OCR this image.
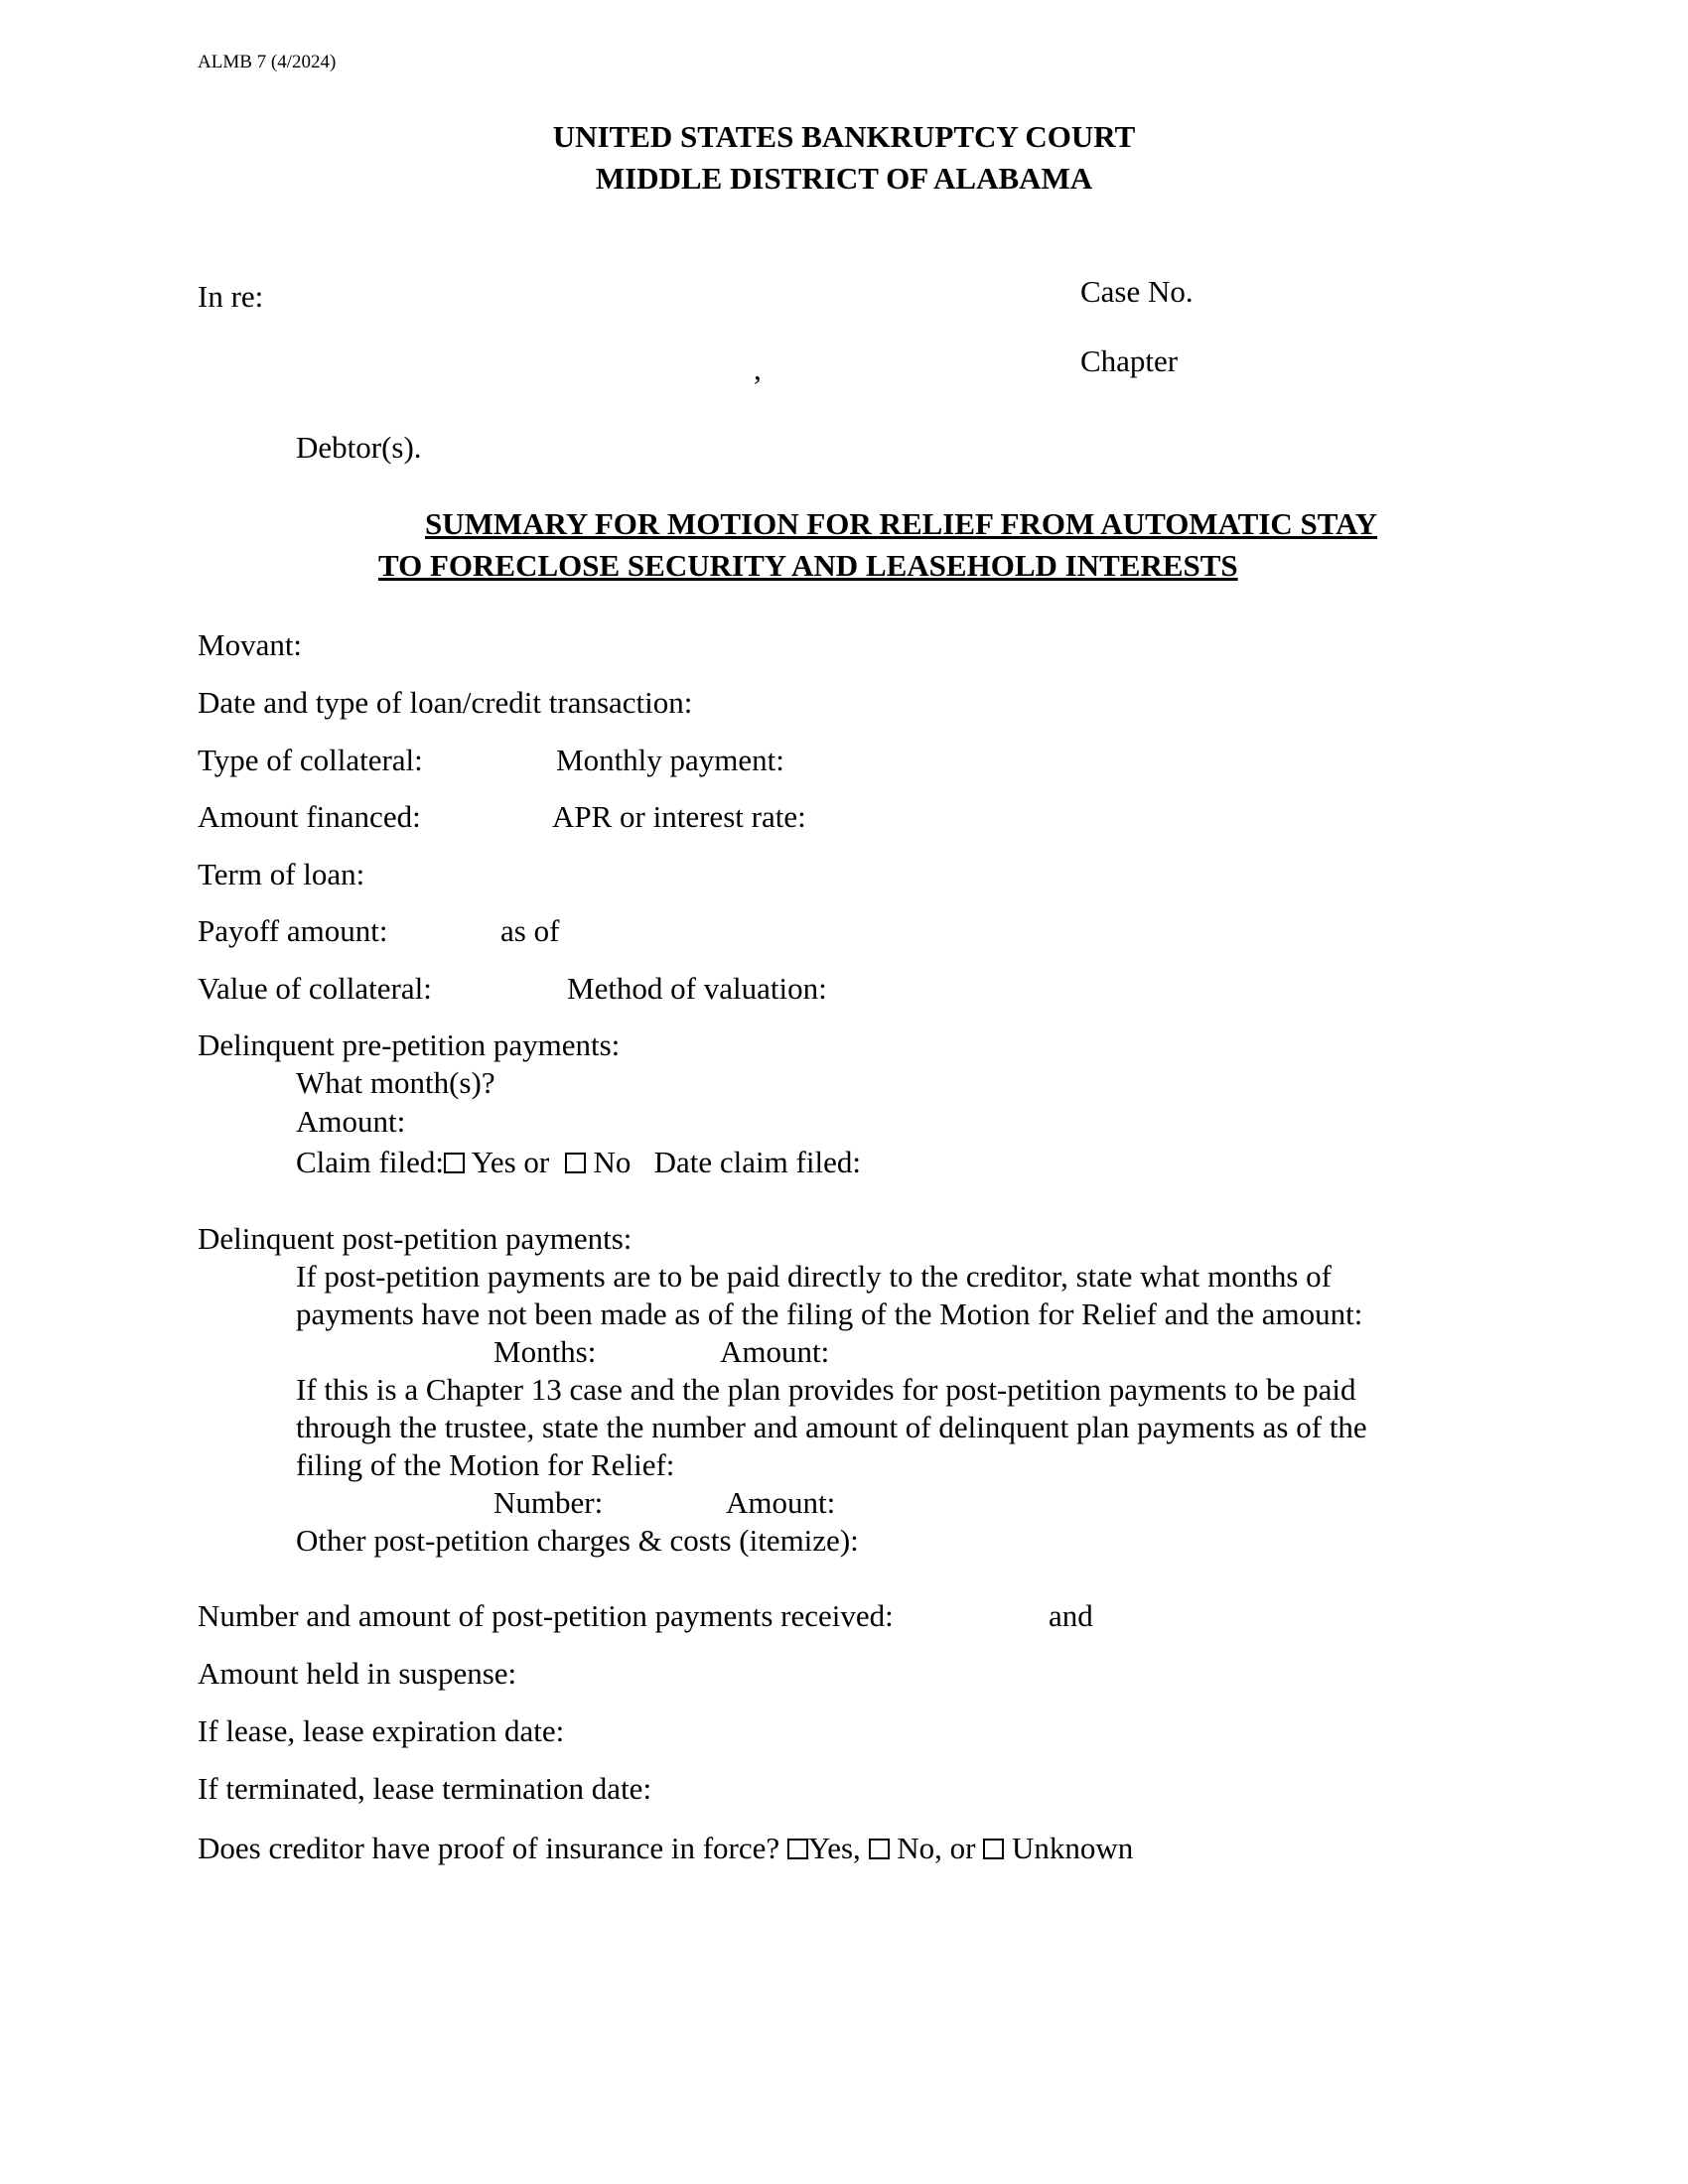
ALMB 7 (4/2024)
UNITED STATES BANKRUPTCY COURT
MIDDLE DISTRICT OF ALABAMA
In re:	Case No.
,	Chapter
Debtor(s).
SUMMARY FOR MOTION FOR RELIEF FROM AUTOMATIC STAY
TO FORECLOSE SECURITY AND LEASEHOLD INTERESTS
Movant:
Date and type of loan/credit transaction:
Type of collateral:	Monthly payment:
Amount financed:	APR or interest rate:
Term of loan:
Payoff amount:	as of
Value of collateral:	Method of valuation:
Delinquent pre-petition payments:
What month(s)?
Amount:
Claim filed: Yes or No Date claim filed:
Delinquent post-petition payments:
If post-petition payments are to be paid directly to the creditor, state what months of
payments have not been made as of the filing of the Motion for Relief and the amount:
Months:	Amount:
If this is a Chapter 13 case and the plan provides for post-petition payments to be paid
through the trustee, state the number and amount of delinquent plan payments as of the
filing of the Motion for Relief:
Number:	Amount:
Other post-petition charges & costs (itemize):
Number and amount of post-petition payments received:	and
Amount held in suspense:
If lease, lease expiration date:
If terminated, lease termination date:
Does creditor have proof of insurance in force? Yes, No, or Unknown
